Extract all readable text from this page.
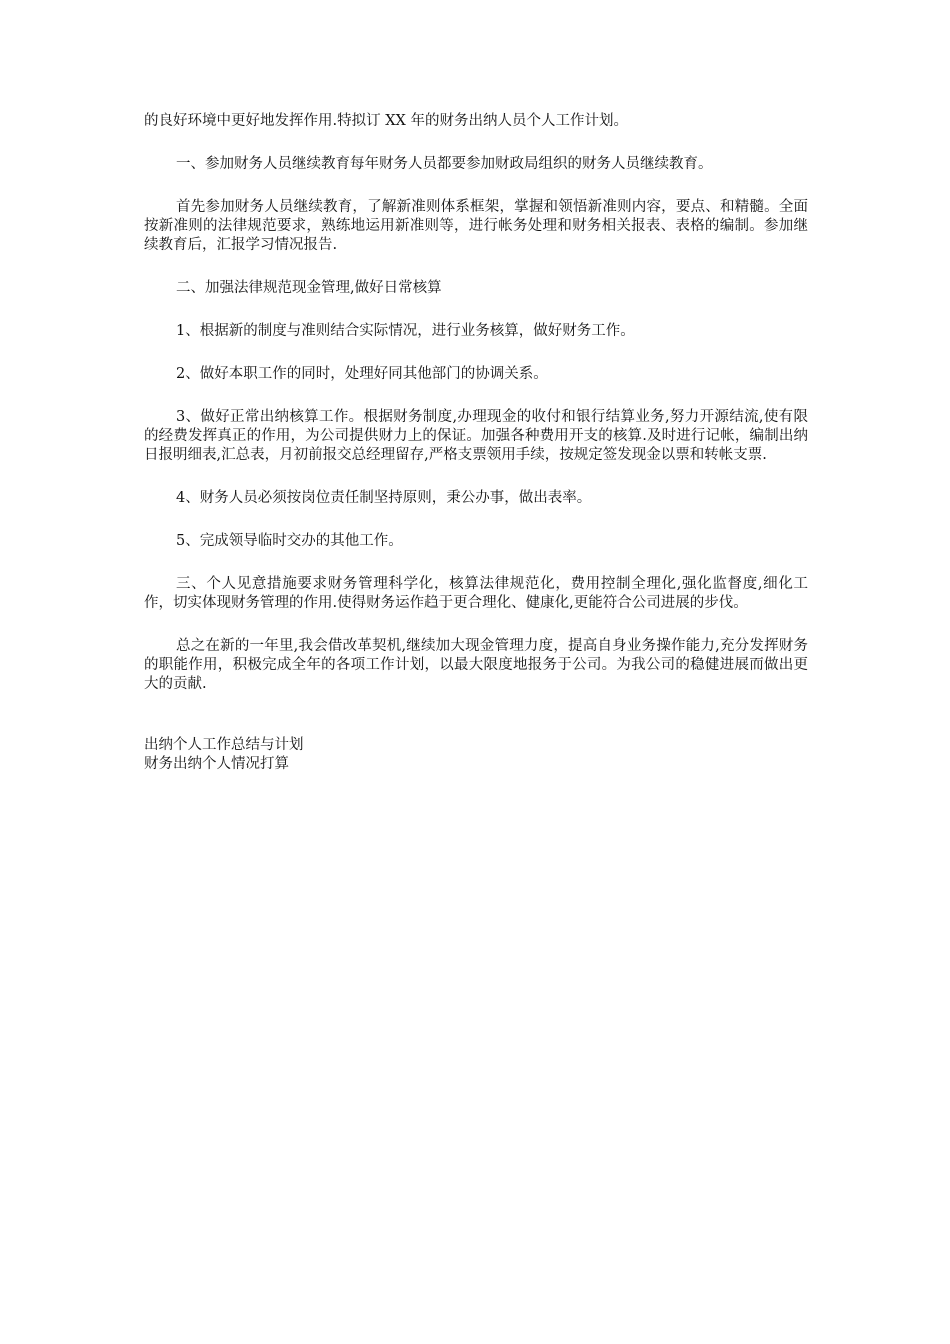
的良好环境中更好地发挥作用.特拟订 XX 年的财务出纳人员个人工作计划。

一、参加财务人员继续教育每年财务人员都要参加财政局组织的财务人员继续教育。

首先参加财务人员继续教育，了解新准则体系框架，掌握和领悟新准则内容，要点、和精髓。全面按新准则的法律规范要求，熟练地运用新准则等，进行帐务处理和财务相关报表、表格的编制。参加继续教育后，汇报学习情况报告.

二、加强法律规范现金管理,做好日常核算

1、根据新的制度与准则结合实际情况，进行业务核算，做好财务工作。

2、做好本职工作的同时，处理好同其他部门的协调关系。

3、做好正常出纳核算工作。根据财务制度,办理现金的收付和银行结算业务,努力开源结流,使有限的经费发挥真正的作用，为公司提供财力上的保证。加强各种费用开支的核算.及时进行记帐，编制出纳日报明细表,汇总表，月初前报交总经理留存,严格支票领用手续，按规定签发现金以票和转帐支票.

4、财务人员必须按岗位责任制坚持原则，秉公办事，做出表率。

5、完成领导临时交办的其他工作。

三、个人见意措施要求财务管理科学化，核算法律规范化，费用控制全理化,强化监督度,细化工作，切实体现财务管理的作用.使得财务运作趋于更合理化、健康化,更能符合公司进展的步伐。

总之在新的一年里,我会借改革契机,继续加大现金管理力度，提高自身业务操作能力,充分发挥财务的职能作用，积极完成全年的各项工作计划，以最大限度地报务于公司。为我公司的稳健进展而做出更大的贡献.

出纳个人工作总结与计划

财务出纳个人情况打算
